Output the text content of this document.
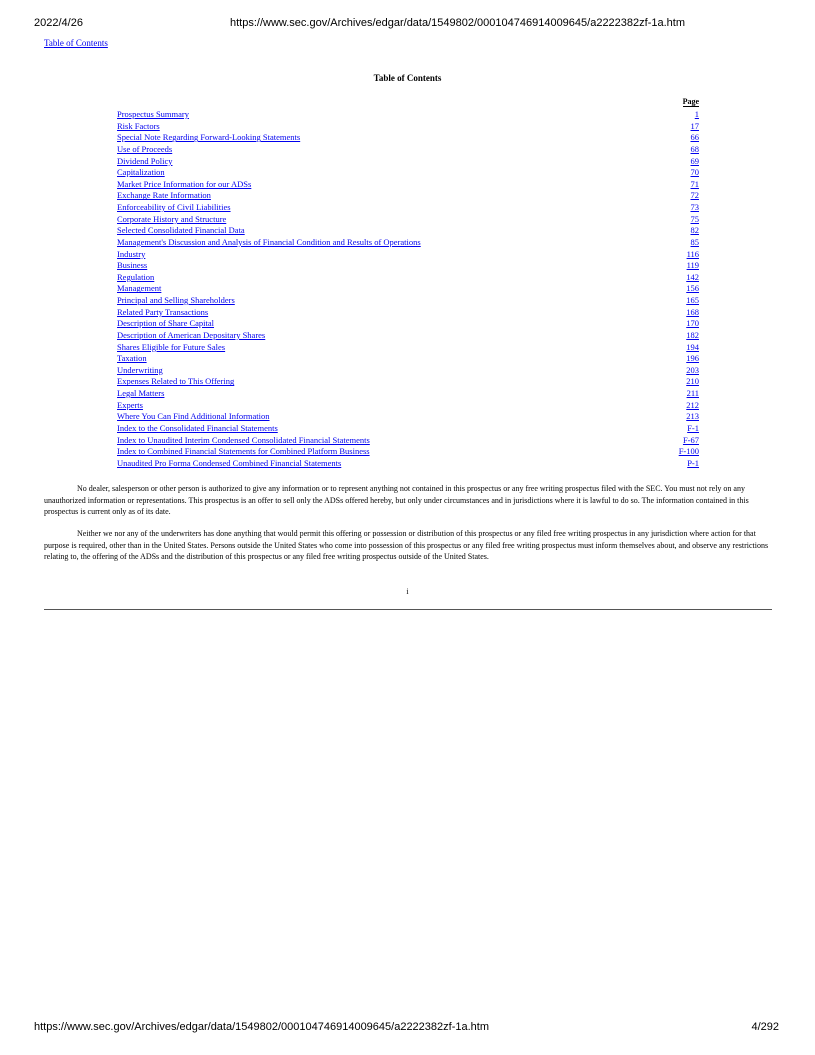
2022/4/26	https://www.sec.gov/Archives/edgar/data/1549802/000104746914009645/a2222382zf-1a.htm
Table of Contents
Table of Contents
Page
Prospectus Summary	1
Risk Factors	17
Special Note Regarding Forward-Looking Statements	66
Use of Proceeds	68
Dividend Policy	69
Capitalization	70
Market Price Information for our ADSs	71
Exchange Rate Information	72
Enforceability of Civil Liabilities	73
Corporate History and Structure	75
Selected Consolidated Financial Data	82
Management's Discussion and Analysis of Financial Condition and Results of Operations	85
Industry	116
Business	119
Regulation	142
Management	156
Principal and Selling Shareholders	165
Related Party Transactions	168
Description of Share Capital	170
Description of American Depositary Shares	182
Shares Eligible for Future Sales	194
Taxation	196
Underwriting	203
Expenses Related to This Offering	210
Legal Matters	211
Experts	212
Where You Can Find Additional Information	213
Index to the Consolidated Financial Statements	F-1
Index to Unaudited Interim Condensed Consolidated Financial Statements	F-67
Index to Combined Financial Statements for Combined Platform Business	F-100
Unaudited Pro Forma Condensed Combined Financial Statements	P-1

No dealer, salesperson or other person is authorized to give any information or to represent anything not contained in this prospectus or any free writing prospectus filed with the SEC. You must not rely on any unauthorized information or representations. This prospectus is an offer to sell only the ADSs offered hereby, but only under circumstances and in jurisdictions where it is lawful to do so. The information contained in this prospectus is current only as of its date.

Neither we nor any of the underwriters has done anything that would permit this offering or possession or distribution of this prospectus or any filed free writing prospectus in any jurisdiction where action for that purpose is required, other than in the United States. Persons outside the United States who come into possession of this prospectus or any filed free writing prospectus must inform themselves about, and observe any restrictions relating to, the offering of the ADSs and the distribution of this prospectus or any filed free writing prospectus outside of the United States.

i
https://www.sec.gov/Archives/edgar/data/1549802/000104746914009645/a2222382zf-1a.htm	4/292
